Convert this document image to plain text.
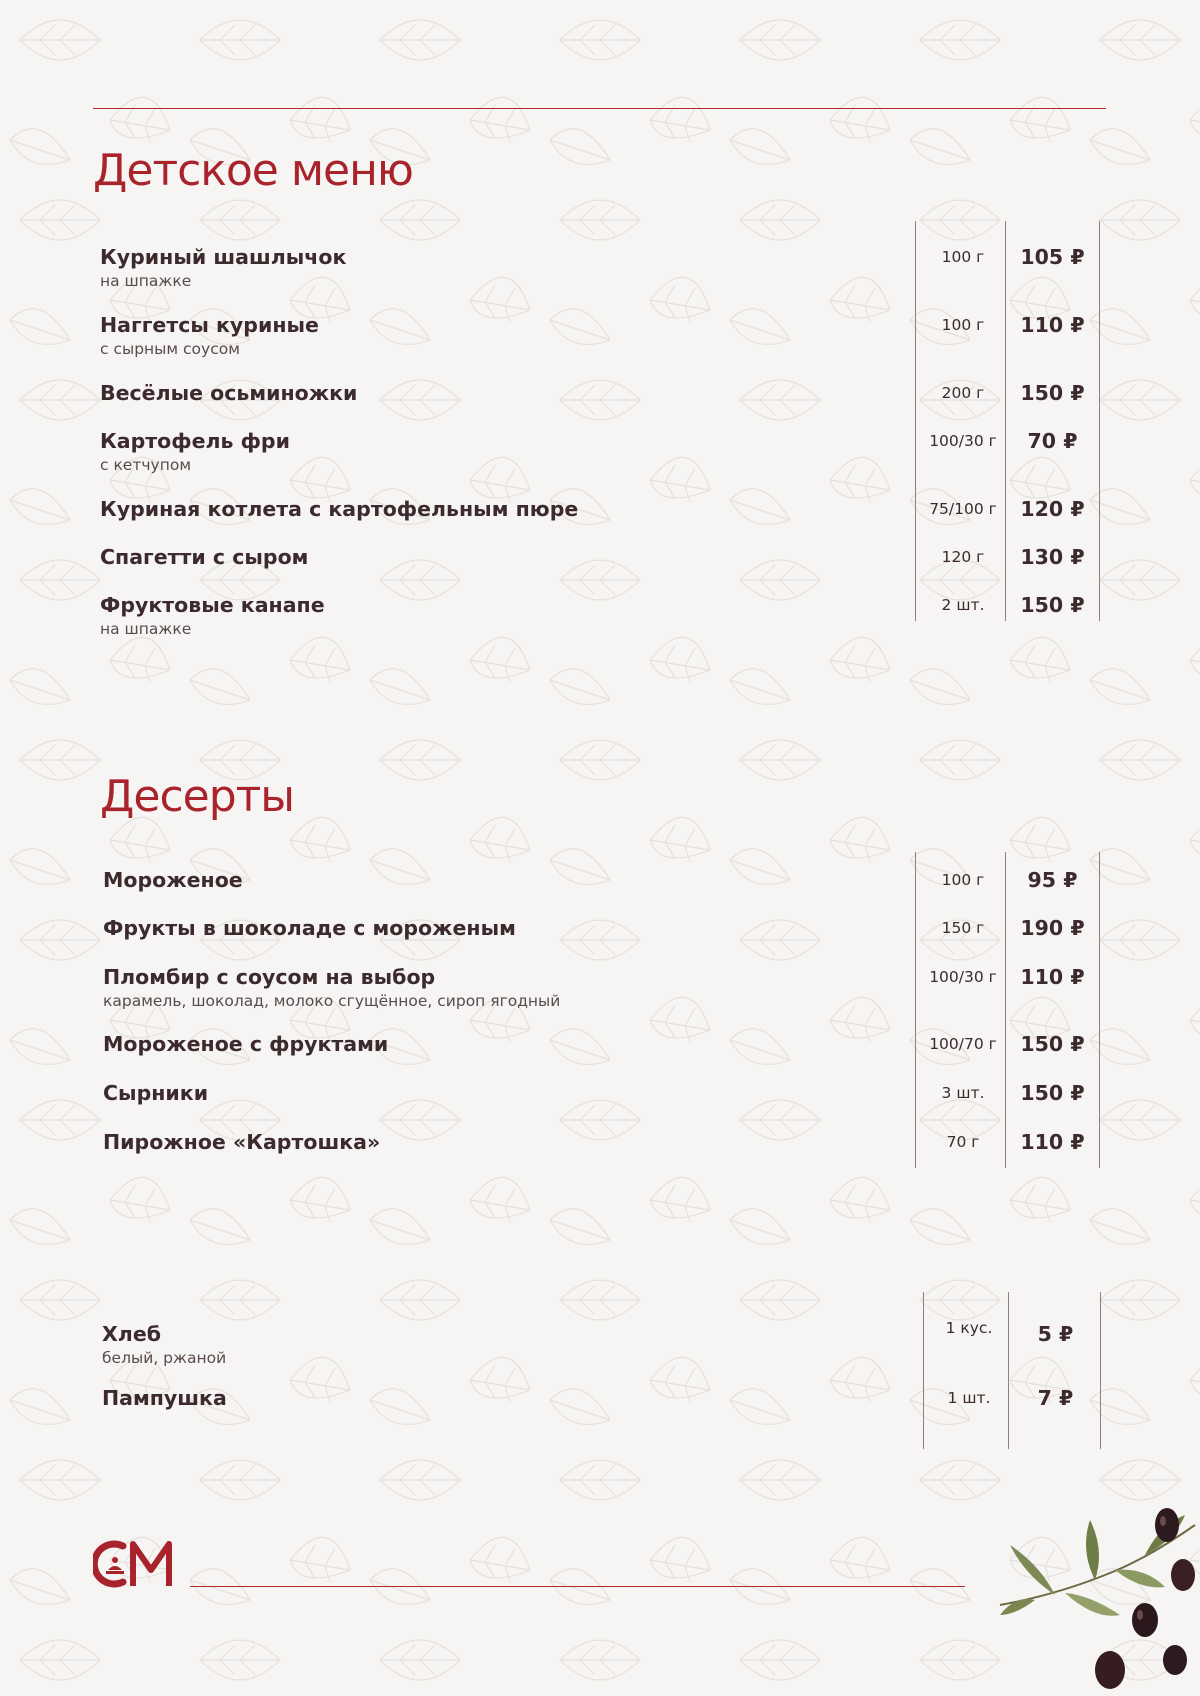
Детское меню
Куриный шашлычок
на шпажке
100 г	105 ₽
Наггетсы куриные
с сырным соусом
100 г	110 ₽
Весёлые осьминожки	200 г	150 ₽
Картофель фри
с кетчупом
100/30 г	70 ₽
Куриная котлета с картофельным пюре	75/100 г	120 ₽
Спагетти с сыром	120 г	130 ₽
Фруктовые канапе
на шпажке
2 шт.	150 ₽
Десерты
Мороженое	100 г	95 ₽
Фрукты в шоколаде с мороженым	150 г	190 ₽
Пломбир с соусом на выбор
карамель, шоколад, молоко сгущённое, сироп ягодный
100/30 г	110 ₽
Мороженое с фруктами	100/70 г	150 ₽
Сырники	3 шт.	150 ₽
Пирожное «Картошка»	70 г	110 ₽
Хлеб
белый, ржаной
1 кус.	5 ₽
Пампушка	1 шт.	7 ₽
